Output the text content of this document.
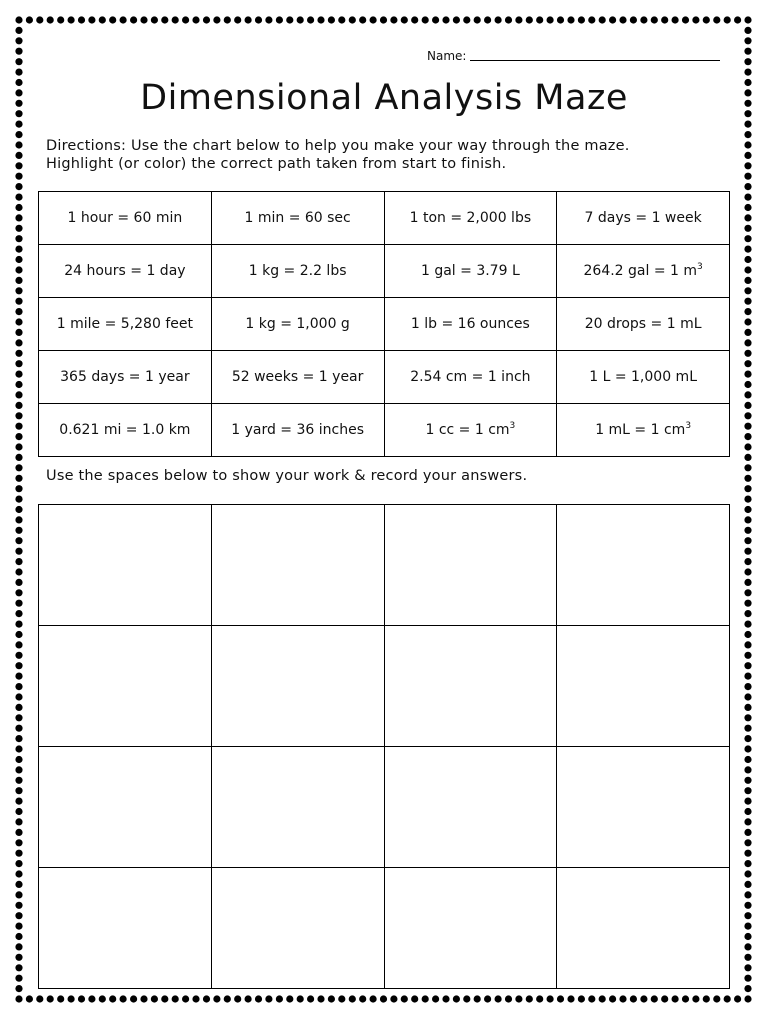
Name:
Dimensional Analysis Maze
Directions: Use the chart below to help you make your way through the maze.
Highlight (or color) the correct path taken from start to finish.
1 hour = 60 min	1 min = 60 sec	1 ton = 2,000 lbs	7 days = 1 week
24 hours = 1 day	1 kg = 2.2 lbs	1 gal = 3.79 L	264.2 gal = 1 $m^3$
1 mile = 5,280 feet	1 kg = 1,000 g	1 lb = 16 ounces	20 drops = 1 mL
365 days = 1 year	52 weeks = 1 year	2.54 cm = 1 inch	1 L = 1,000 mL
0.621 mi = 1.0 km	1 yard = 36 inches	1 cc = 1 $cm^3$	1 mL = 1 $cm^3$
Use the spaces below to show your work & record your answers.
